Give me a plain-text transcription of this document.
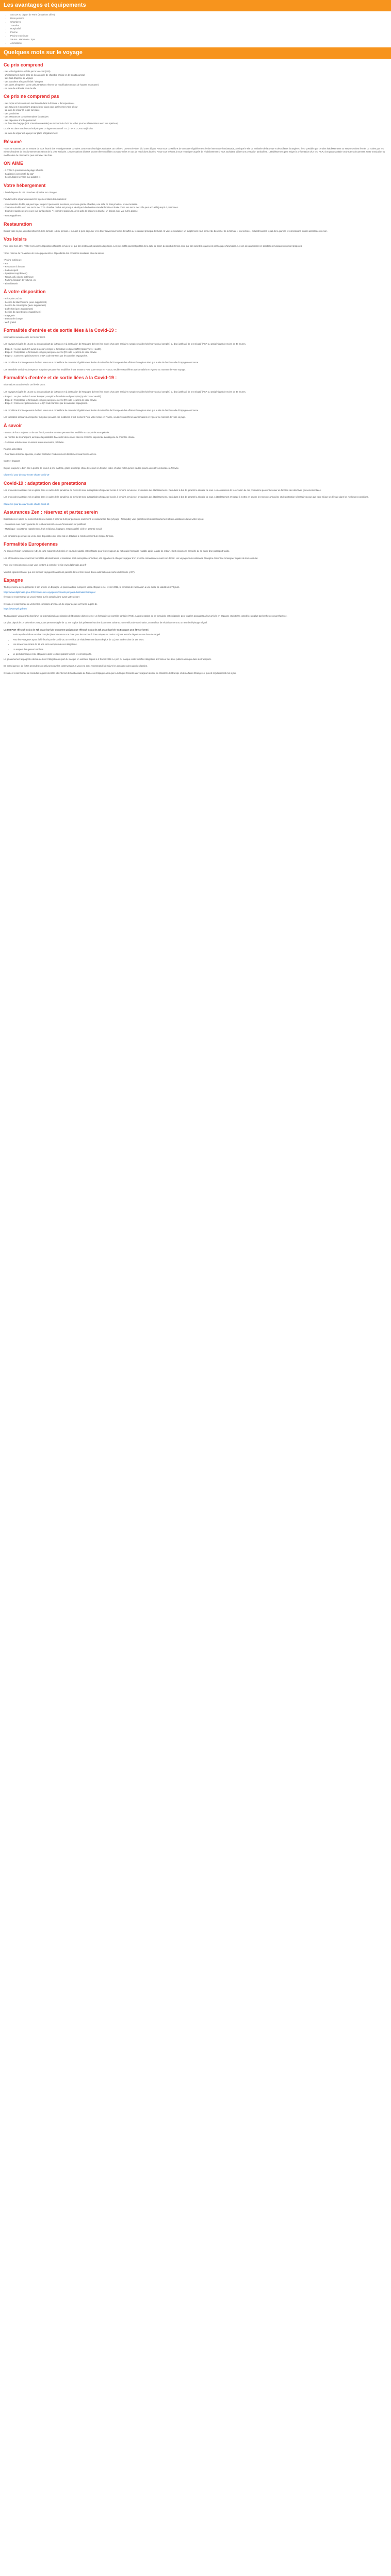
Les avantages et équipements
• SEAUX au départ de Paris (3 stations offert)
• Demi-pension
• Chambres
• Transfert
• Hospitalité
• Piscine
• Piscine extérieure
• Sauna · Hammam · Spa
• Animations
Quelques mots sur le voyage
Ce prix comprend
- Les vols réguliers / opérés par la low-cost (A/R)
- L'hébergement sur la base de la catégorie de chambre choisie et de 6 nuits au total
- Les frais d'agence du voyage
- Les transferts aéroport / hôtel / aéroport
- Les taxes aéroport et taxes carburant (sous réserve de modification en cas de hausse importante)
- La taxe de solidarité et de la ville
Ce prix ne comprend pas
- Les repas et boissons non mentionnés dans la formule « demi-pension »
- Les services et excursions proposés sur place pour agrémenter votre séjour
- La taxe de séjour (à régler sur place)
- Les pourboires
- Les assurances complémentaires facultatives
- Les dépenses d'ordre personnel
- La franchise bagage (soit si mention contraire) au moment du choix du vol et pour les réservations avec vols spéciaux)

Le prix est dans tous les cas indiqué pour un logement au tarif TTC (TVA et COVID-19) inclus

- La taxe de séjour est à payer sur place obligatoirement

Résumé

*Nous ne sommes pas en mesure de vous fournir des renseignements complets concernant les règles sanitaires car celles-ci peuvent évoluer d'ici votre départ. Nous vous conseillons de consulter régulièrement le site internet de l'ambassade, ainsi que le site du Ministère de l'Europe et des Affaires Étrangères. Il est possible que certains établissements ou services soient fermés ou n'aient pas les mêmes horaires de fonctionnement en raison de la crise sanitaire. Les prestations décrites peuvent être modifiées ou supprimées en cas de restrictions locales. Nous vous invitons à vous renseigner auprès de l'établissement si vous souhaitez utiliser une prestation particulière. L'établissement peut exiger la présentation d'un test PCR, d'un pass sanitaire ou d'autres documents. Toute annulation ou modification de réservation peut entraîner des frais.

ON AIME
- À l'hôtel à proximité de la plage officielle
- Sa piscine à proximité du spa*
- Ses multiples services aux adultes et
Votre hébergement

L'hôtel dispose de 171 chambres réparties sur 4 étages.

Pendant votre séjour vous aurez le logement dans des chambres :

- Une chambre double, qui peut loger jusqu'à 3 personnes maximum, avec une grande chambre, une salle de bain privative, et une terrasse.
- Chambre double avec vue sur la mer * : la chambre double est presque identique à la chambre standard mais est dotée d'une vue sur la mer. Elle peut accueillir jusqu'à 3 personnes.
- Chambre supérieure avec une vue sur la piscine * : chambre spacieuse, avec salle de bain avec douche, un balcon avec vue sur la piscine.

* sous supplément

Restauration

Durant votre séjour, vous bénéficierez de la formule « demi-pension » incluant le petit-déjeuner et le dîner servis sous forme de buffet au restaurant principal de l'hôtel. Si vous le souhaitez, un supplément vous permet de bénéficier de la formule « tout inclus », incluant tous les repas de la journée et les boissons locales alcoolisées ou non.

Vos loisirs

Pour votre bien-être, l'hôtel met à votre disposition différents services, tel que des matelas et parasols à la piscine. Les plus actifs pourront profiter de la salle de sport, du court de tennis ainsi que des activités organisées par l'équipe d'animation. Le soir, des animations et spectacles musicaux vous sont proposés.

*Sous réserve de l'ouverture de ces équipements et dépendants des conditions sanitaires et de la saison.

▪Piscine extérieure
▪ Bar
▪ Restaurant à la carte
▪ Salle de sport
▪ Spa (sous supplément)
▪ Tennis, wifi, piscine extérieure
▪ Parking, location de voitures, etc
▪ Blanchisserie
À votre disposition
- Réception 24/24h
- Service de blanchisserie (avec supplément)
- Service de conciergerie (avec supplément)
- Coffre-fort (avec supplément)
- Service de navette (avec supplément)
- Bagagerie
- Bureau de change
- Wi-fi gratuit
Formalités d'entrée et de sortie liées à la Covid-19 :

Informations actualisées le 1er février 2022.

Les voyageurs âgés de 12 ans ou plus au départ de la France et à destination de l'Espagne doivent être munis d'un pass sanitaire européen valide (schéma vaccinal complet) ou d'un justificatif de test négatif (PCR ou antigénique) de moins de 48 heures.

▪ Étape 1 : Au plus tard 48 h avant le départ, remplir le formulaire en ligne SpTH (Spain Travel Health).
▪ Étape 2 : Remplissez le formulaire en ligne puis présentez le QR code reçu lors de votre arrivée.
▪ Étape 3 : Conservez précieusement le QR code transmis par les autorités espagnoles.

Les conditions d'entrée peuvent évoluer. Nous vous conseillons de consulter régulièrement le site du Ministère de l'Europe et des Affaires Étrangères ainsi que le site de l'ambassade d'Espagne en France.

Les formalités sanitaires à respecter sur place peuvent être modifiées à tout moment. Pour votre retour en France, veuillez vous référer aux formalités en vigueur au moment de votre voyage.

Formalités d'entrée et de sortie liées à la Covid-19 :

Informations actualisées le 1er février 2022.

Les voyageurs âgés de 12 ans ou plus au départ de la France et à destination de l'Espagne doivent être munis d'un pass sanitaire européen valide (schéma vaccinal complet) ou d'un justificatif de test négatif (PCR ou antigénique) de moins de 48 heures.

▪ Étape 1 : Au plus tard 48 h avant le départ, remplir le formulaire en ligne SpTH (Spain Travel Health).
▪ Étape 2 : Remplissez le formulaire en ligne puis présentez le QR code reçu lors de votre arrivée.
▪ Étape 3 : Conservez précieusement le QR code transmis par les autorités espagnoles.

Les conditions d'entrée peuvent évoluer. Nous vous conseillons de consulter régulièrement le site du Ministère de l'Europe et des Affaires Étrangères ainsi que le site de l'ambassade d'Espagne en France.

Les formalités sanitaires à respecter sur place peuvent être modifiées à tout moment. Pour votre retour en France, veuillez vous référer aux formalités en vigueur au moment de votre voyage.

À savoir

- En cas de force majeure ou de cas fortuit, certains services peuvent être modifiés ou supprimés sans préavis.

- Le nombre de lits d'appoint, ainsi que la possibilité d'accueillir des enfants dans la chambre, dépend de la catégorie de chambre choisie.

- Certaines activités sont soumises à une réservation préalable.

Régime alimentaire

- Pour toute demande spéciale, veuillez contacter l'établissement directement avant votre arrivée.

Carte et bagages

Depuis toujours, le bien-être à portée de tous et à prix maîtrisé, grâce à un large choix de séjours en hôtel et clubs. Veuillez noter qu'une caution pourra vous être demandée à l'arrivée.

Cliquez ici pour découvrir notre charte Covid-19

Covid-19 : adaptation des prestations

Les protocoles sanitaires mis en place dans le cadre de la pandémie de Covid-19 sont susceptibles d'impacter l'accès à certains services et prestations des établissements. Ceci dans le but de garantir la sécurité de tous. Les contraintes de réservation de ces prestations peuvent évoluer en fonction des directives gouvernementales.

Les protocoles sanitaires mis en place dans le cadre de la pandémie de Covid-19 sont susceptibles d'impacter l'accès à certains services et prestations des établissements. Ceci dans le but de garantir la sécurité de tous. L'établissement s'engage à mettre en oeuvre les mesures d'hygiène et de protection nécessaires pour que votre séjour se déroule dans les meilleures conditions.

Cliquez ici pour découvrir notre charte Covid-19

Assurances Zen : réservez et partez serein

Disponibles en option au moment de la réservation à partir de 14€ par personne seulement, les assurances Zen (Voyage - Tranquille) vous garantissent un remboursement et une assistance durant votre séjour.

- Annulation avec motif : garantie de remboursement en cas d'annulation sur justificatif

- Multirisque : assistance rapatriement, frais médicaux, bagages, responsabilité civile et garantie Covid

Les conditions générales de vente sont disponibles sur notre site et détaillent le fonctionnement de chaque formule.

Formalités Européennes

Au sein de l'Union européenne (UE), la carte nationale d'identité en cours de validité est suffisante pour les voyageurs de nationalité française (valable après la date de retour). Il est néanmoins conseillé de se munir d'un passeport valide.

Les informations concernant les formalités administratives et sanitaires sont susceptibles d'évoluer, et il appartient à chaque voyageur d'en prendre connaissance avant son départ. Les voyageurs de nationalité étrangère doivent se renseigner auprès de leur consulat.

Pour tout renseignement, nous vous invitons à consulter le site www.diplomatie.gouv.fr

Veuillez également noter que les mineurs voyageant sans leurs parents doivent être munis d'une autorisation de sortie du territoire (AST).

Espagne

Toute personne devra présenter à son arrivée en Espagne un pass sanitaire européen valide. Depuis le 1er février 2022, le certificat de vaccination a une durée de validité de 270 jours.

https://www.diplomatie.gouv.fr/fr/conseils-aux-voyageurs/conseils-par-pays-destination/espagne/

Il vous est recommandé de vous inscrire sur le portail Ariane avant votre départ

Il vous est recommandé de vérifier les conditions d'entrée et de séjour depuis la France auprès de

https://www.spth.gob.es/

Tout passager voyageant à bord d'un vol international à destination de l'Espagne doit présenter un formulaire de contrôle sanitaire (FCS). La présentation de ce formulaire est obligatoire pour tous les passagers à leur arrivée en Espagne et doit être complétée au plus tard 48 heures avant l'arrivée.

De plus, depuis le 1er décembre 2021, toute personne âgée de 12 ans et plus doit présenter l'un des documents suivants : un certificat de vaccination, un certificat de rétablissement ou un test de dépistage négatif.

Un test PCR effectué moins de 72h avant l'arrivée ou un test antigénique effectué moins de 24h avant l'arrivée en Espagne peut être présenté.

• Avoir reçu le schéma vaccinal complet (deux doses ou une dose pour les vaccins à dose unique) au moins 14 jours avant le départ ou une dose de rappel.
• Pour les voyageurs ayant été infectés par la Covid-19, un certificat de rétablissement datant de plus de 11 jours et de moins de 180 jours.
• Les mineurs de moins de 12 ans sont exemptés de ces obligations.
• Le respect des gestes barrières.
• Le port du masque reste obligatoire dans les lieux publics fermés et les transports.

Le gouvernement espagnol a décidé de lever l'obligation du port du masque en extérieur depuis le 8 février 2022. Le port du masque reste toutefois obligatoire à l'intérieur des lieux publics ainsi que dans les transports.

En conséquence, de fortes amendes sont prévues pour les contrevenants. Il vous est donc recommandé de suivre les consignes des autorités locales.

Il vous est recommandé de consulter régulièrement le site internet de l'ambassade de France en Espagne ainsi que la rubrique Conseils aux voyageurs du site du Ministère de l'Europe et des Affaires Étrangères, qui est régulièrement mis à jour.
